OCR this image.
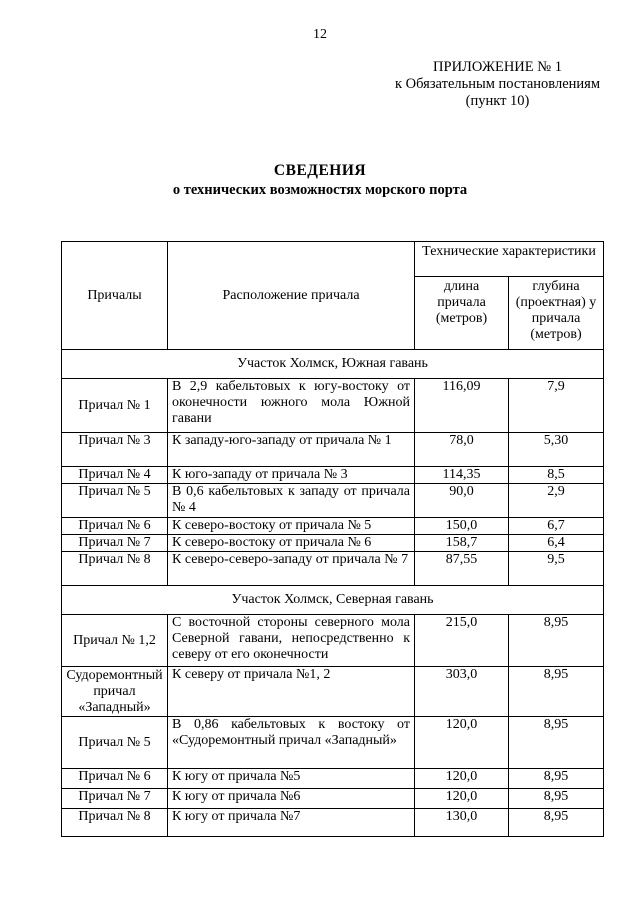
12
ПРИЛОЖЕНИЕ № 1
к Обязательным постановлениям
(пункт 10)
СВЕДЕНИЯ
о технических возможностях морского порта
Причалы	Расположение причала	Технические характеристики	
		длина причала (метров)	глубина (проектная) у причала (метров)
Участок Холмск, Южная гавань			
Причал № 1	В 2,9 кабельтовых к югу-востоку от оконечности южного мола Южной гавани	116,09	7,9
Причал № 3	К западу-юго-западу от причала № 1	78,0	5,30
Причал № 4	К юго-западу от причала № 3	114,35	8,5
Причал № 5	В 0,6 кабельтовых к западу от причала № 4	90,0	2,9
Причал № 6	К северо-востоку от причала № 5	150,0	6,7
Причал № 7	К северо-востоку от причала № 6	158,7	6,4
Причал № 8	К северо-северо-западу от причала № 7	87,55	9,5
Участок Холмск, Северная гавань			
Причал № 1,2	С восточной стороны северного мола Северной гавани, непосредственно к северу от его оконечности	215,0	8,95
Судоремонтный причал «Западный»	К северу от причала №1, 2	303,0	8,95
Причал № 5	В 0,86 кабельтовых к востоку от «Судоремонтный причал «Западный»	120,0	8,95
Причал № 6	К югу от причала №5	120,0	8,95
Причал № 7	К югу от причала №6	120,0	8,95
Причал № 8	К югу от причала №7	130,0	8,95
